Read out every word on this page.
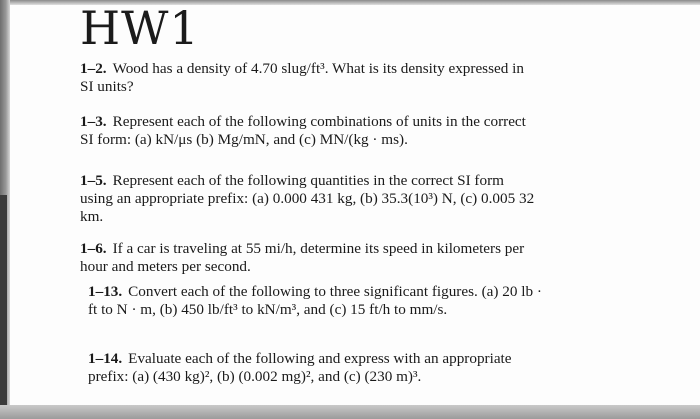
HW1
1–2. Wood has a density of 4.70 slug/ft³. What is its density expressed in SI units?
1–3. Represent each of the following combinations of units in the correct SI form: (a) kN/μs (b) Mg/mN, and (c) MN/(kg · ms).
1–5. Represent each of the following quantities in the correct SI form using an appropriate prefix: (a) 0.000 431 kg, (b) 35.3(10³) N, (c) 0.005 32 km.
1–6. If a car is traveling at 55 mi/h, determine its speed in kilometers per hour and meters per second.
1–13. Convert each of the following to three significant figures. (a) 20 lb · ft to N · m, (b) 450 lb/ft³ to kN/m³, and (c) 15 ft/h to mm/s.
1–14. Evaluate each of the following and express with an appropriate prefix: (a) (430 kg)², (b) (0.002 mg)², and (c) (230 m)³.
